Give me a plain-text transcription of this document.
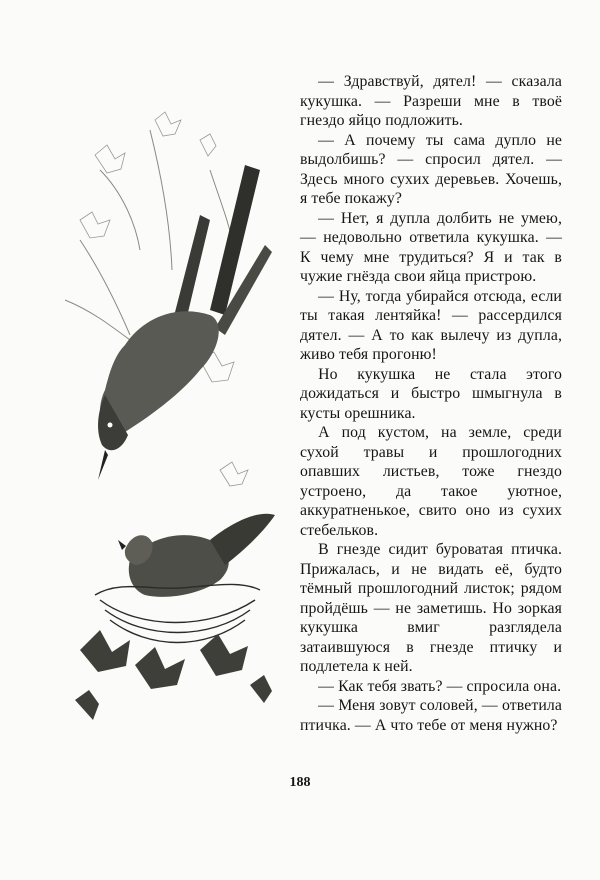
— Здравствуй, дятел! — сказала кукушка. — Разреши мне в твоё гнездо яйцо подложить.

— А почему ты сама дупло не выдолбишь? — спросил дятел. — Здесь много сухих деревьев. Хочешь, я тебе покажу?

— Нет, я дупла долбить не умею, — недовольно ответила кукушка. — К чему мне трудиться? Я и так в чужие гнёзда свои яйца пристрою.

— Ну, тогда убирайся отсюда, если ты такая лентяйка! — рассердился дятел. — А то как вылечу из дупла, живо тебя прогоню!

Но кукушка не стала этого дожидаться и быстро шмыгнула в кусты орешника.

А под кустом, на земле, среди сухой травы и прошлогодних опавших листьев, тоже гнездо устроено, да такое уютное, аккуратненькое, свито оно из сухих стебельков.

В гнезде сидит буроватая птичка. Прижалась, и не видать её, будто тёмный прошлогодний листок; рядом пройдёшь — не заметишь. Но зоркая кукушка вмиг разглядела затаившуюся в гнезде птичку и подлетела к ней.

— Как тебя звать? — спросила она.

— Меня зовут соловей, — ответила птичка. — А что тебе от меня нужно?

188
